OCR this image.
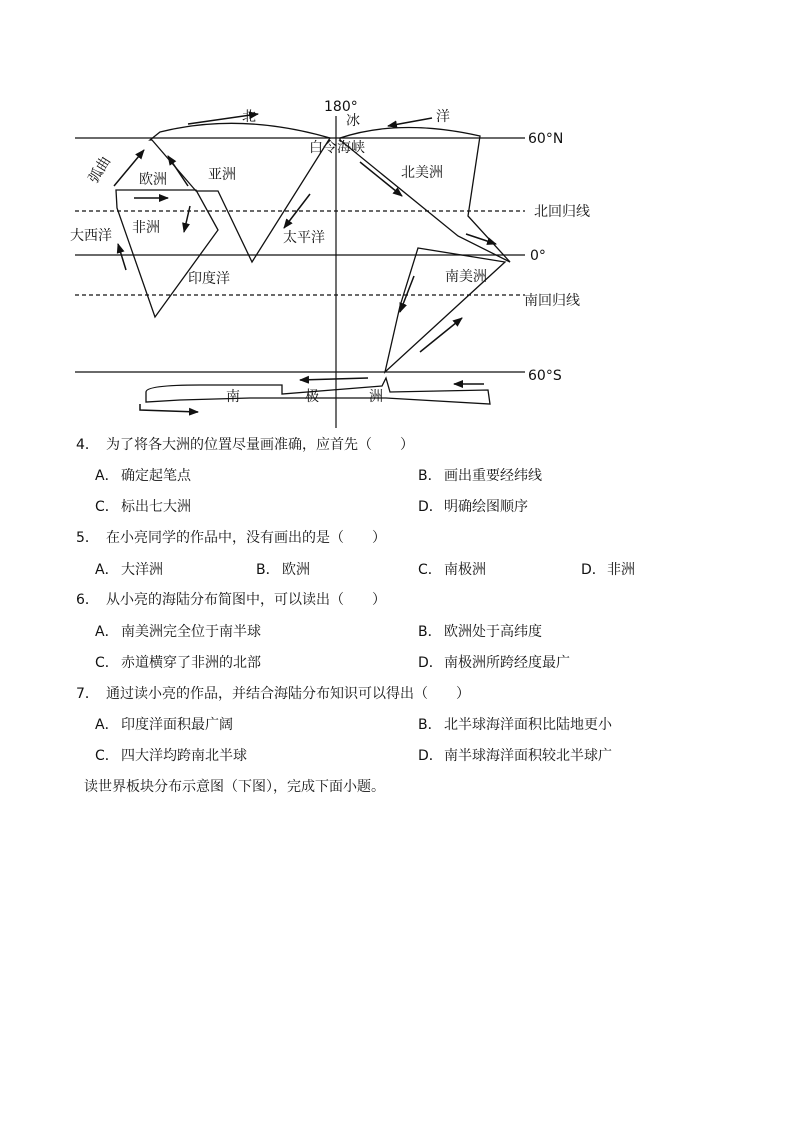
180°
60°N
北回归线
0°
南回归线
60°S
北	冰	洋
白令海峡
弧曲 欧洲	亚洲
非洲
北美洲
南美洲
大西洋	太平洋
印度洋
南	极	洲
4． 为了将各大洲的位置尽量画准确，应首先（　　）
A． 确定起笔点	B． 画出重要经纬线
C． 标出七大洲	D． 明确绘图顺序
5． 在小亮同学的作品中，没有画出的是（　　）
A． 大洋洲	B． 欧洲	C． 南极洲	D． 非洲
6． 从小亮的海陆分布简图中，可以读出（　　）
A． 南美洲完全位于南半球	B． 欧洲处于高纬度
C． 赤道横穿了非洲的北部	D． 南极洲所跨经度最广
7． 通过读小亮的作品，并结合海陆分布知识可以得出（　　）
A． 印度洋面积最广阔	B． 北半球海洋面积比陆地更小
C． 四大洋均跨南北半球	D． 南半球海洋面积较北半球广
读世界板块分布示意图（下图），完成下面小题。
